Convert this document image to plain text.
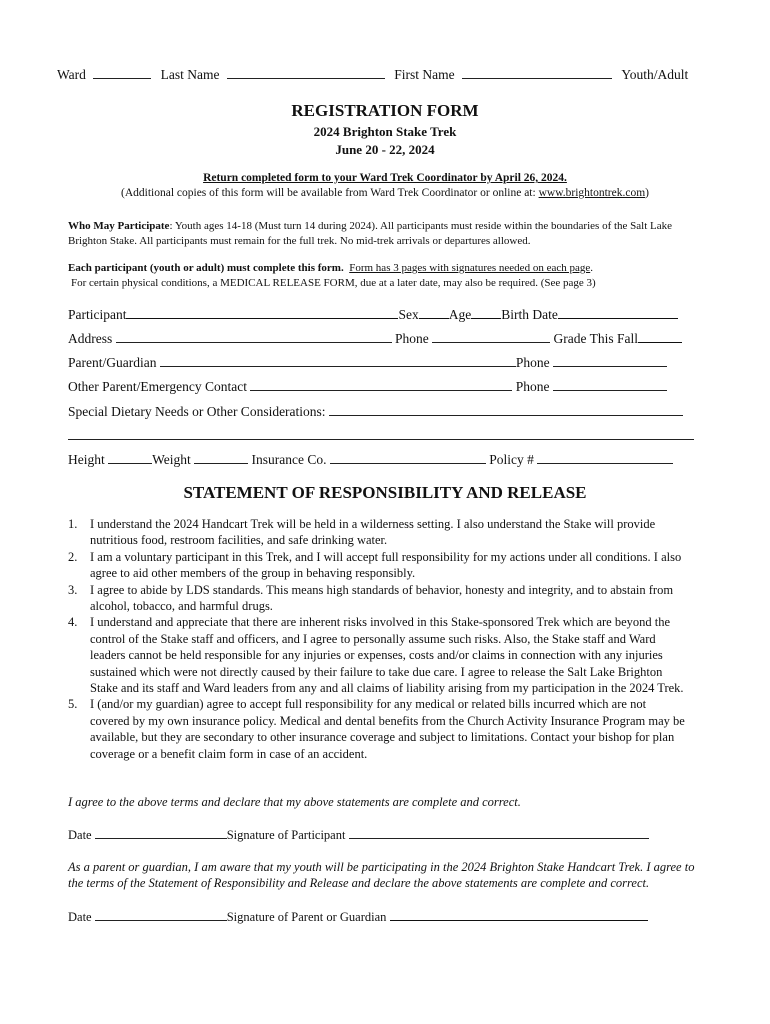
Ward	Last Name	First Name	Youth/Adult
REGISTRATION FORM
2024 Brighton Stake Trek
June 20 - 22, 2024
Return completed form to your Ward Trek Coordinator by April 26, 2024.
(Additional copies of this form will be available from Ward Trek Coordinator or online at: www.brightontrek.com)
Who May Participate: Youth ages 14-18 (Must turn 14 during 2024). All participants must reside within the boundaries of the Salt Lake Brighton Stake. All participants must remain for the full trek. No mid-trek arrivals or departures allowed.
Each participant (youth or adult) must complete this form. Form has 3 pages with signatures needed on each page.
For certain physical conditions, a MEDICAL RELEASE FORM, due at a later date, may also be required. (See page 3)
Participant	Sex Age Birth Date
Address	Phone	Grade This Fall
Parent/Guardian	Phone
Other Parent/Emergency Contact	Phone
Special Dietary Needs or Other Considerations:
Height	Weight	Insurance Co.	Policy #
STATEMENT OF RESPONSIBILITY AND RELEASE
1. I understand the 2024 Handcart Trek will be held in a wilderness setting. I also understand the Stake will provide nutritious food, restroom facilities, and safe drinking water.
2. I am a voluntary participant in this Trek, and I will accept full responsibility for my actions under all conditions. I also agree to aid other members of the group in behaving responsibly.
3. I agree to abide by LDS standards. This means high standards of behavior, honesty and integrity, and to abstain from alcohol, tobacco, and harmful drugs.
4. I understand and appreciate that there are inherent risks involved in this Stake-sponsored Trek which are beyond the control of the Stake staff and officers, and I agree to personally assume such risks. Also, the Stake staff and Ward leaders cannot be held responsible for any injuries or expenses, costs and/or claims in connection with any injuries sustained which were not directly caused by their failure to take due care. I agree to release the Salt Lake Brighton Stake and its staff and Ward leaders from any and all claims of liability arising from my participation in the 2024 Trek.
5. I (and/or my guardian) agree to accept full responsibility for any medical or related bills incurred which are not covered by my own insurance policy. Medical and dental benefits from the Church Activity Insurance Program may be available, but they are secondary to other insurance coverage and subject to limitations. Contact your bishop for plan coverage or a benefit claim form in case of an accident.
I agree to the above terms and declare that my above statements are complete and correct.
Date	Signature of Participant
As a parent or guardian, I am aware that my youth will be participating in the 2024 Brighton Stake Handcart Trek. I agree to the terms of the Statement of Responsibility and Release and declare the above statements are complete and correct.
Date	Signature of Parent or Guardian
